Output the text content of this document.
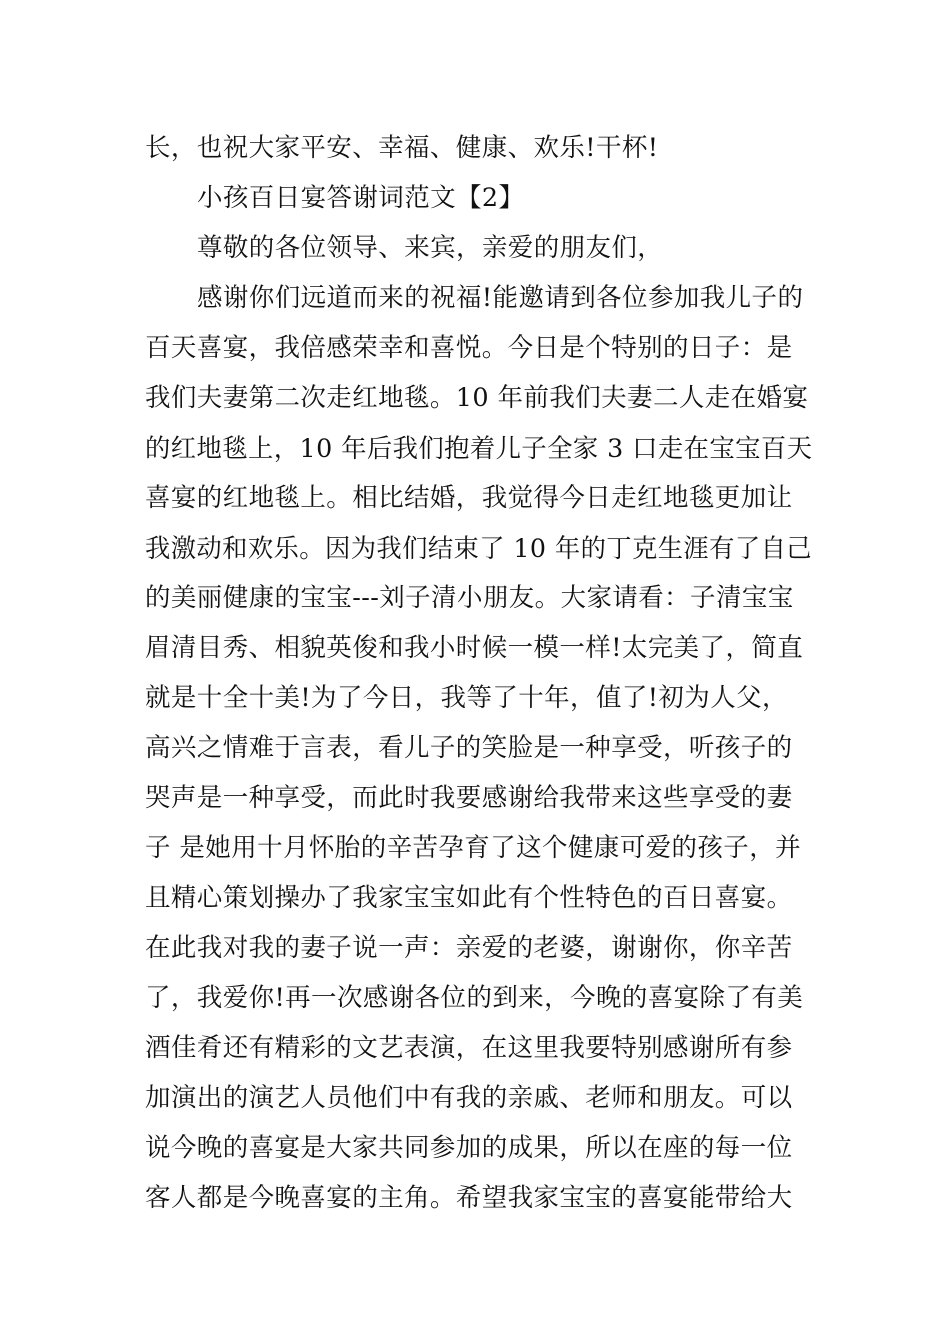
长，也祝大家平安、幸福、健康、欢乐!干杯!
小孩百日宴答谢词范文【2】
尊敬的各位领导、来宾，亲爱的朋友们，
感谢你们远道而来的祝福!能邀请到各位参加我儿子的
百天喜宴，我倍感荣幸和喜悦。今日是个特别的日子：是
我们夫妻第二次走红地毯。10 年前我们夫妻二人走在婚宴
的红地毯上，10 年后我们抱着儿子全家 3 口走在宝宝百天
喜宴的红地毯上。相比结婚，我觉得今日走红地毯更加让
我激动和欢乐。因为我们结束了 10 年的丁克生涯有了自己
的美丽健康的宝宝---刘子清小朋友。大家请看：子清宝宝
眉清目秀、相貌英俊和我小时候一模一样!太完美了，简直
就是十全十美!为了今日，我等了十年，值了!初为人父，
高兴之情难于言表，看儿子的笑脸是一种享受，听孩子的
哭声是一种享受，而此时我要感谢给我带来这些享受的妻
子 是她用十月怀胎的辛苦孕育了这个健康可爱的孩子，并
且精心策划操办了我家宝宝如此有个性特色的百日喜宴。
在此我对我的妻子说一声：亲爱的老婆，谢谢你，你辛苦
了，我爱你!再一次感谢各位的到来，今晚的喜宴除了有美
酒佳肴还有精彩的文艺表演，在这里我要特别感谢所有参
加演出的演艺人员他们中有我的亲戚、老师和朋友。可以
说今晚的喜宴是大家共同参加的成果，所以在座的每一位
客人都是今晚喜宴的主角。希望我家宝宝的喜宴能带给大
